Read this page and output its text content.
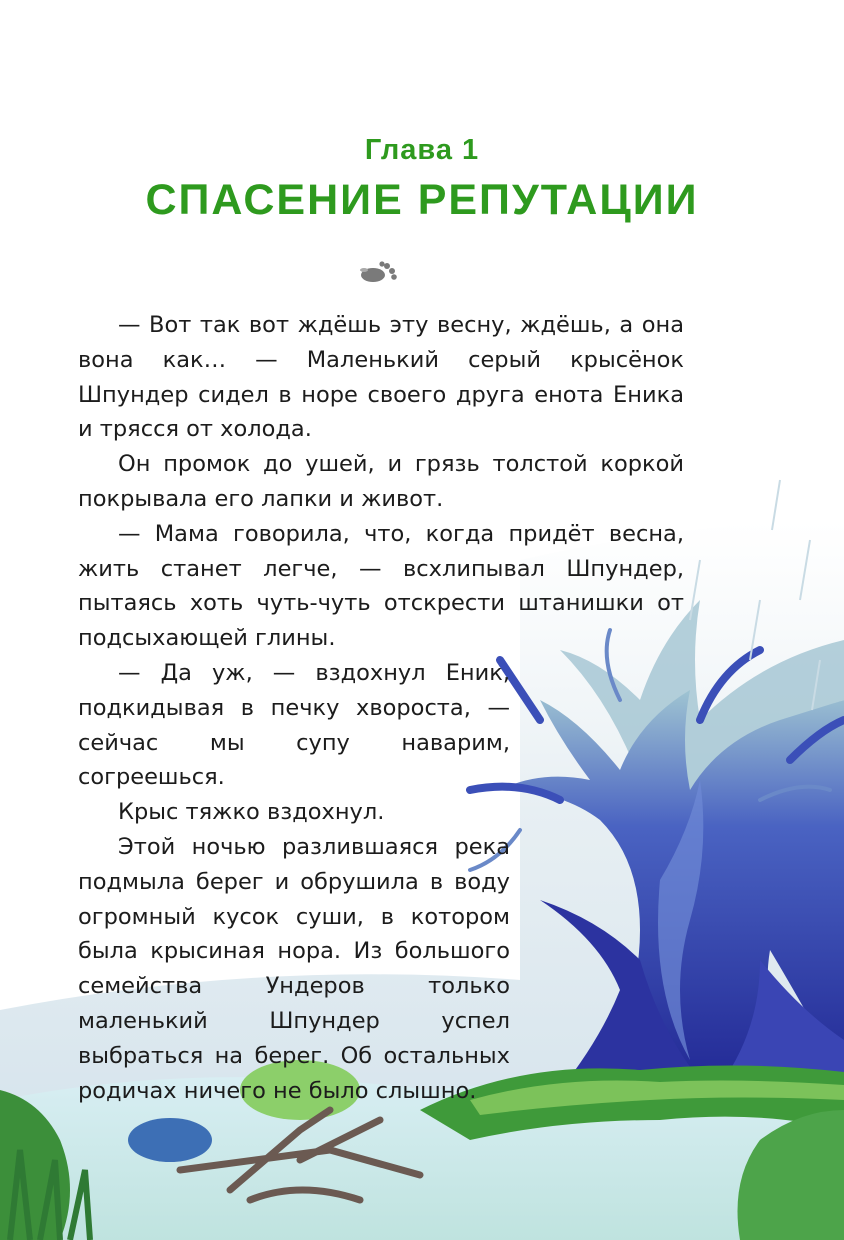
Глава 1
СПАСЕНИЕ РЕПУТАЦИИ

— Вот так вот ждёшь эту весну, ждёшь, а она вона как… — Маленький серый крысёнок Шпундер сидел в норе своего друга енота Еника и трясся от холода.

Он промок до ушей, и грязь толстой коркой покрывала его лапки и живот.

— Мама говорила, что, когда придёт весна, жить станет легче, — всхлипывал Шпундер, пытаясь хоть чуть-чуть отскрести штанишки от подсыхающей глины.

— Да уж, — вздохнул Еник, подкидывая в печку хвороста, — сейчас мы супу наварим, согреешься.

Крыс тяжко вздохнул.

Этой ночью разлившаяся река подмыла берег и обрушила в воду огромный кусок суши, в котором была крысиная нора. Из большого семейства Ундеров только маленький Шпундер успел выбраться на берег. Об остальных родичах ничего не было слышно.
